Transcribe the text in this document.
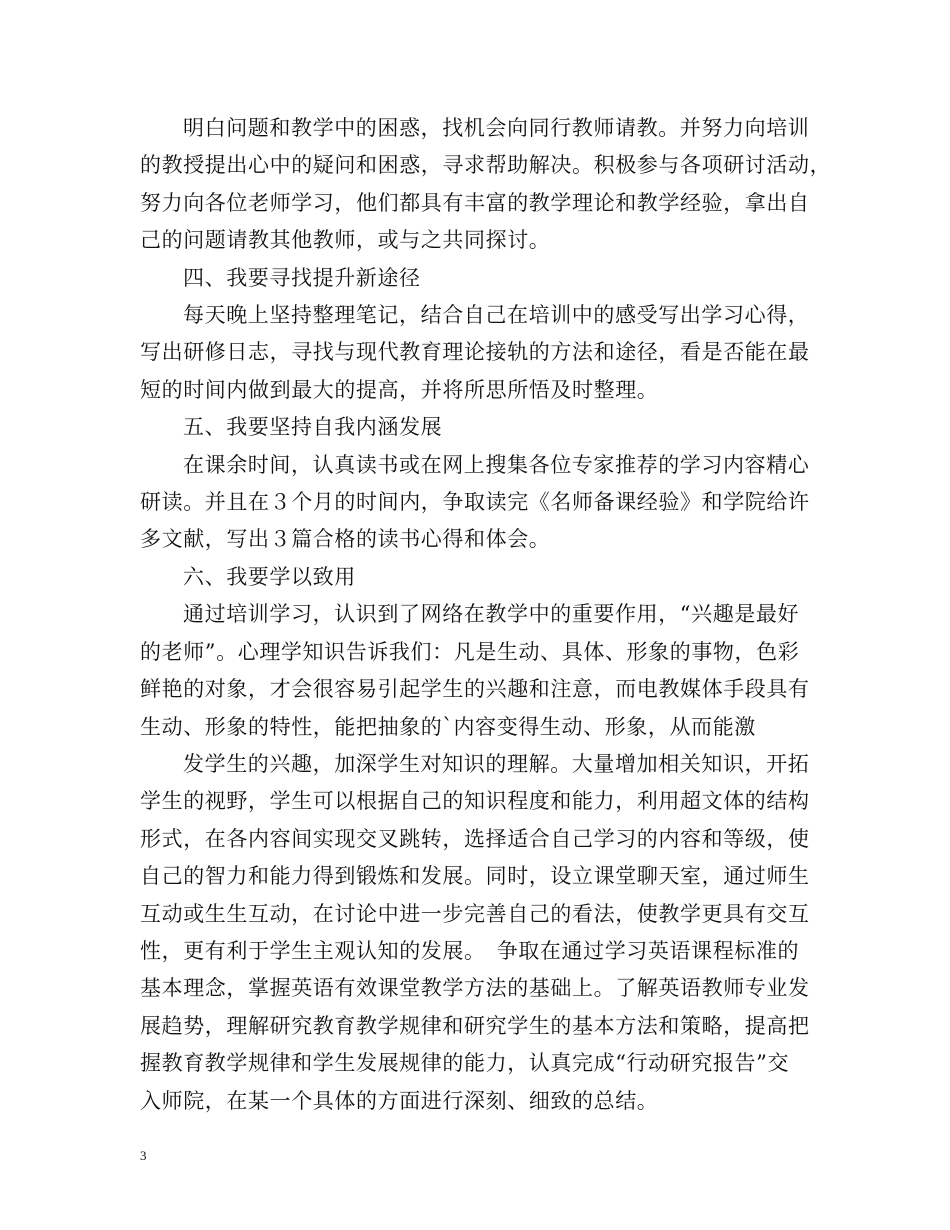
明白问题和教学中的困惑，找机会向同行教师请教。并努力向培训
的教授提出心中的疑问和困惑，寻求帮助解决。积极参与各项研讨活动，
努力向各位老师学习，他们都具有丰富的教学理论和教学经验，拿出自
己的问题请教其他教师，或与之共同探讨。
四、我要寻找提升新途径
每天晚上坚持整理笔记，结合自己在培训中的感受写出学习心得，
写出研修日志，寻找与现代教育理论接轨的方法和途径，看是否能在最
短的时间内做到最大的提高，并将所思所悟及时整理。
五、我要坚持自我内涵发展
在课余时间，认真读书或在网上搜集各位专家推荐的学习内容精心
研读。并且在３个月的时间内，争取读完《名师备课经验》和学院给许
多文献，写出３篇合格的读书心得和体会。
六、我要学以致用
通过培训学习，认识到了网络在教学中的重要作用，“兴趣是最好
的老师”。心理学知识告诉我们：凡是生动、具体、形象的事物，色彩
鲜艳的对象，才会很容易引起学生的兴趣和注意，而电教媒体手段具有
生动、形象的特性，能把抽象的`内容变得生动、形象，从而能激
发学生的兴趣，加深学生对知识的理解。大量增加相关知识，开拓
学生的视野，学生可以根据自己的知识程度和能力，利用超文体的结构
形式，在各内容间实现交叉跳转，选择适合自己学习的内容和等级，使
自己的智力和能力得到锻炼和发展。同时，设立课堂聊天室，通过师生
互动或生生互动，在讨论中进一步完善自己的看法，使教学更具有交互
性，更有利于学生主观认知的发展。　争取在通过学习英语课程标准的
基本理念，掌握英语有效课堂教学方法的基础上。了解英语教师专业发
展趋势，理解研究教育教学规律和研究学生的基本方法和策略，提高把
握教育教学规律和学生发展规律的能力，认真完成“行动研究报告”交
入师院，在某一个具体的方面进行深刻、细致的总结。
3
